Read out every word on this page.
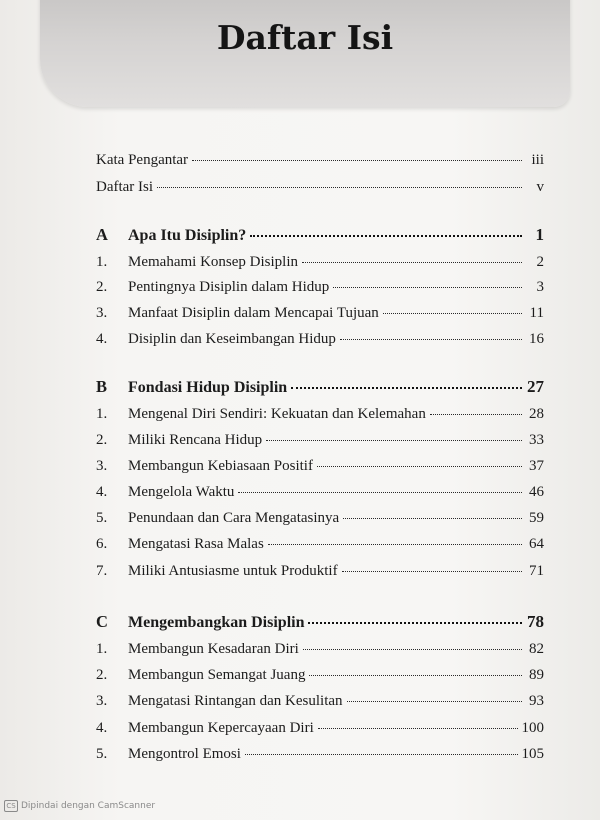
Daftar Isi
Kata Pengantar	iii
Daftar Isi	v
A	Apa Itu Disiplin?	1
1.	Memahami Konsep Disiplin	2
2.	Pentingnya Disiplin dalam Hidup	3
3.	Manfaat Disiplin dalam Mencapai Tujuan	11
4.	Disiplin dan Keseimbangan Hidup	16
B	Fondasi Hidup Disiplin	27
1.	Mengenal Diri Sendiri: Kekuatan dan Kelemahan	28
2.	Miliki Rencana Hidup	33
3.	Membangun Kebiasaan Positif	37
4.	Mengelola Waktu	46
5.	Penundaan dan Cara Mengatasinya	59
6.	Mengatasi Rasa Malas	64
7.	Miliki Antusiasme untuk Produktif	71
C	Mengembangkan Disiplin	78
1.	Membangun Kesadaran Diri	82
2.	Membangun Semangat Juang	89
3.	Mengatasi Rintangan dan Kesulitan	93
4.	Membangun Kepercayaan Diri	100
5.	Mengontrol Emosi	105
CS Dipindai dengan CamScanner
